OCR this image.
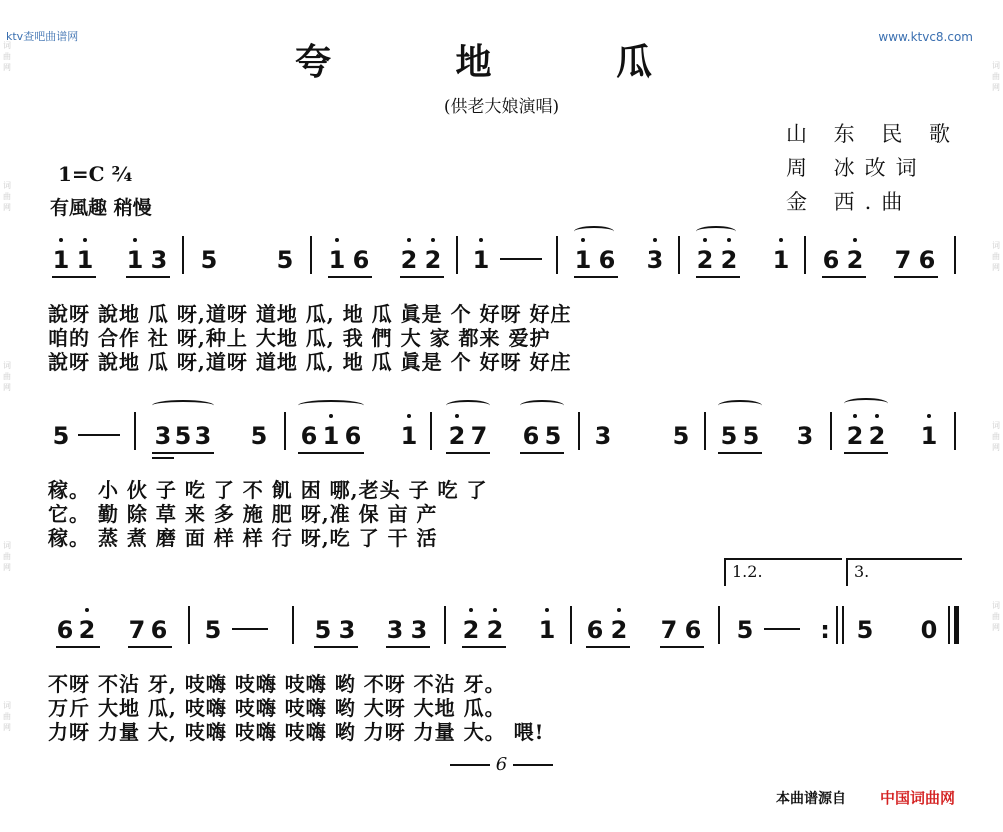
ktv查吧曲谱网	www.ktvc8.com
词曲网
词曲网
词曲网
词曲网
词曲网
词曲网
词曲网
词曲网
词曲网
夸 地 瓜
(供老大娘演唱)
山 东 民 歌
周 冰改词
金 西.曲
1=C ²⁄₄
有風趣 稍慢
1 1 1 3 5 5 1 6 2 2 1	1 6 3 2 2 1 6 2 7 6
說呀 說地 瓜 呀,道呀 道地 瓜, 地 瓜 眞是 个 好呀 好庄
咱的 合作 社 呀,种上 大地 瓜, 我 們 大 家 都来 爱护
說呀 說地 瓜 呀,道呀 道地 瓜, 地 瓜 眞是 个 好呀 好庄
5	3 5 3 5 6 1 6 1 2 7 6 5 3	5 5 5 3 2 2 1
稼。 小 伙 子 吃 了 不 飢 困 哪,老头 子 吃 了
它。 勤 除 草 来 多 施 肥 呀,准 保 亩 产
稼。 蒸 煮 磨 面 样 样 行 呀,吃 了 干 活
1.2.	3.
6 2 7 6 5	5 3 3 3 2 2 1 6 2 7 6 5	: 5 0
不呀 不沾 牙, 吱嗨 吱嗨 吱嗨 哟 不呀 不沾 牙。
万斤 大地 瓜, 吱嗨 吱嗨 吱嗨 哟 大呀 大地 瓜。
力呀 力量 大, 吱嗨 吱嗨 吱嗨 哟 力呀 力量 大。 喂!
6
本曲谱源自 中国词曲网
